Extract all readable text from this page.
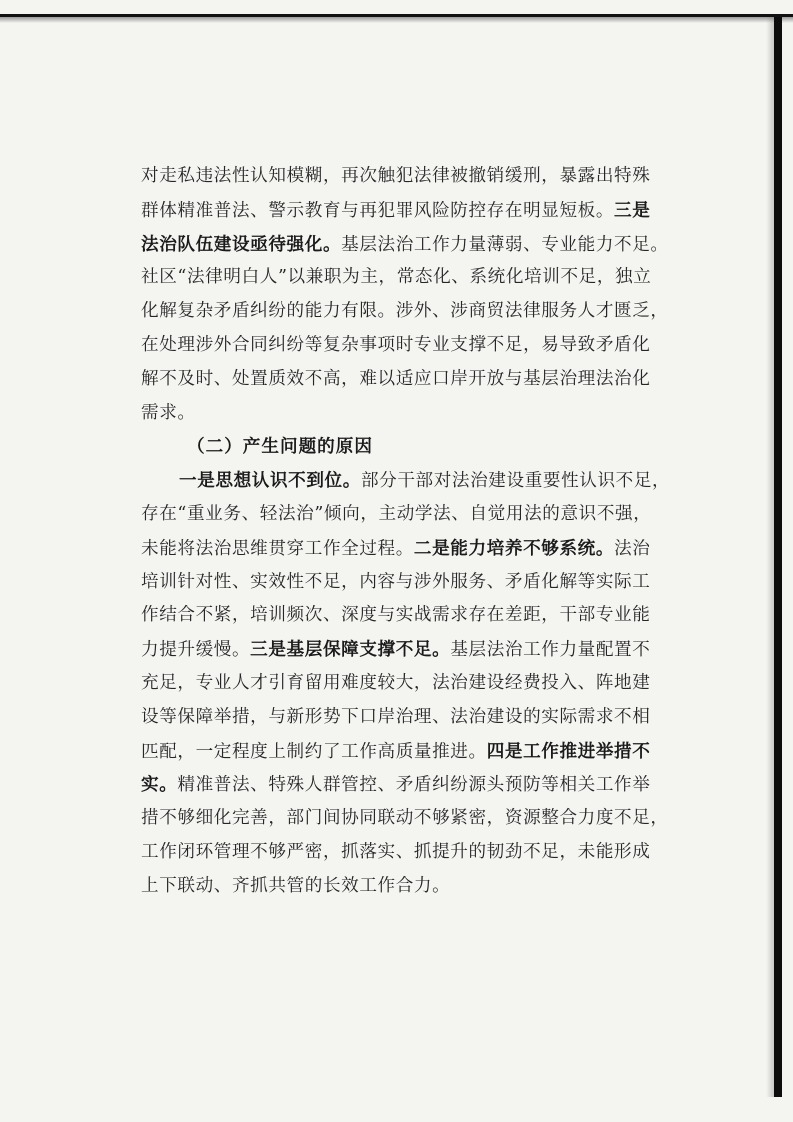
对走私违法性认知模糊，再次触犯法律被撤销缓刑，暴露出特殊
群体精准普法、警示教育与再犯罪风险防控存在明显短板。三是
法治队伍建设亟待强化。基层法治工作力量薄弱、专业能力不足。
社区“法律明白人”以兼职为主，常态化、系统化培训不足，独立
化解复杂矛盾纠纷的能力有限。涉外、涉商贸法律服务人才匮乏，
在处理涉外合同纠纷等复杂事项时专业支撑不足，易导致矛盾化
解不及时、处置质效不高，难以适应口岸开放与基层治理法治化
需求。
（二）产生问题的原因
一是思想认识不到位。部分干部对法治建设重要性认识不足，
存在“重业务、轻法治”倾向，主动学法、自觉用法的意识不强，
未能将法治思维贯穿工作全过程。二是能力培养不够系统。法治
培训针对性、实效性不足，内容与涉外服务、矛盾化解等实际工
作结合不紧，培训频次、深度与实战需求存在差距，干部专业能
力提升缓慢。三是基层保障支撑不足。基层法治工作力量配置不
充足，专业人才引育留用难度较大，法治建设经费投入、阵地建
设等保障举措，与新形势下口岸治理、法治建设的实际需求不相
匹配，一定程度上制约了工作高质量推进。四是工作推进举措不
实。精准普法、特殊人群管控、矛盾纠纷源头预防等相关工作举
措不够细化完善，部门间协同联动不够紧密，资源整合力度不足，
工作闭环管理不够严密，抓落实、抓提升的韧劲不足，未能形成
上下联动、齐抓共管的长效工作合力。
